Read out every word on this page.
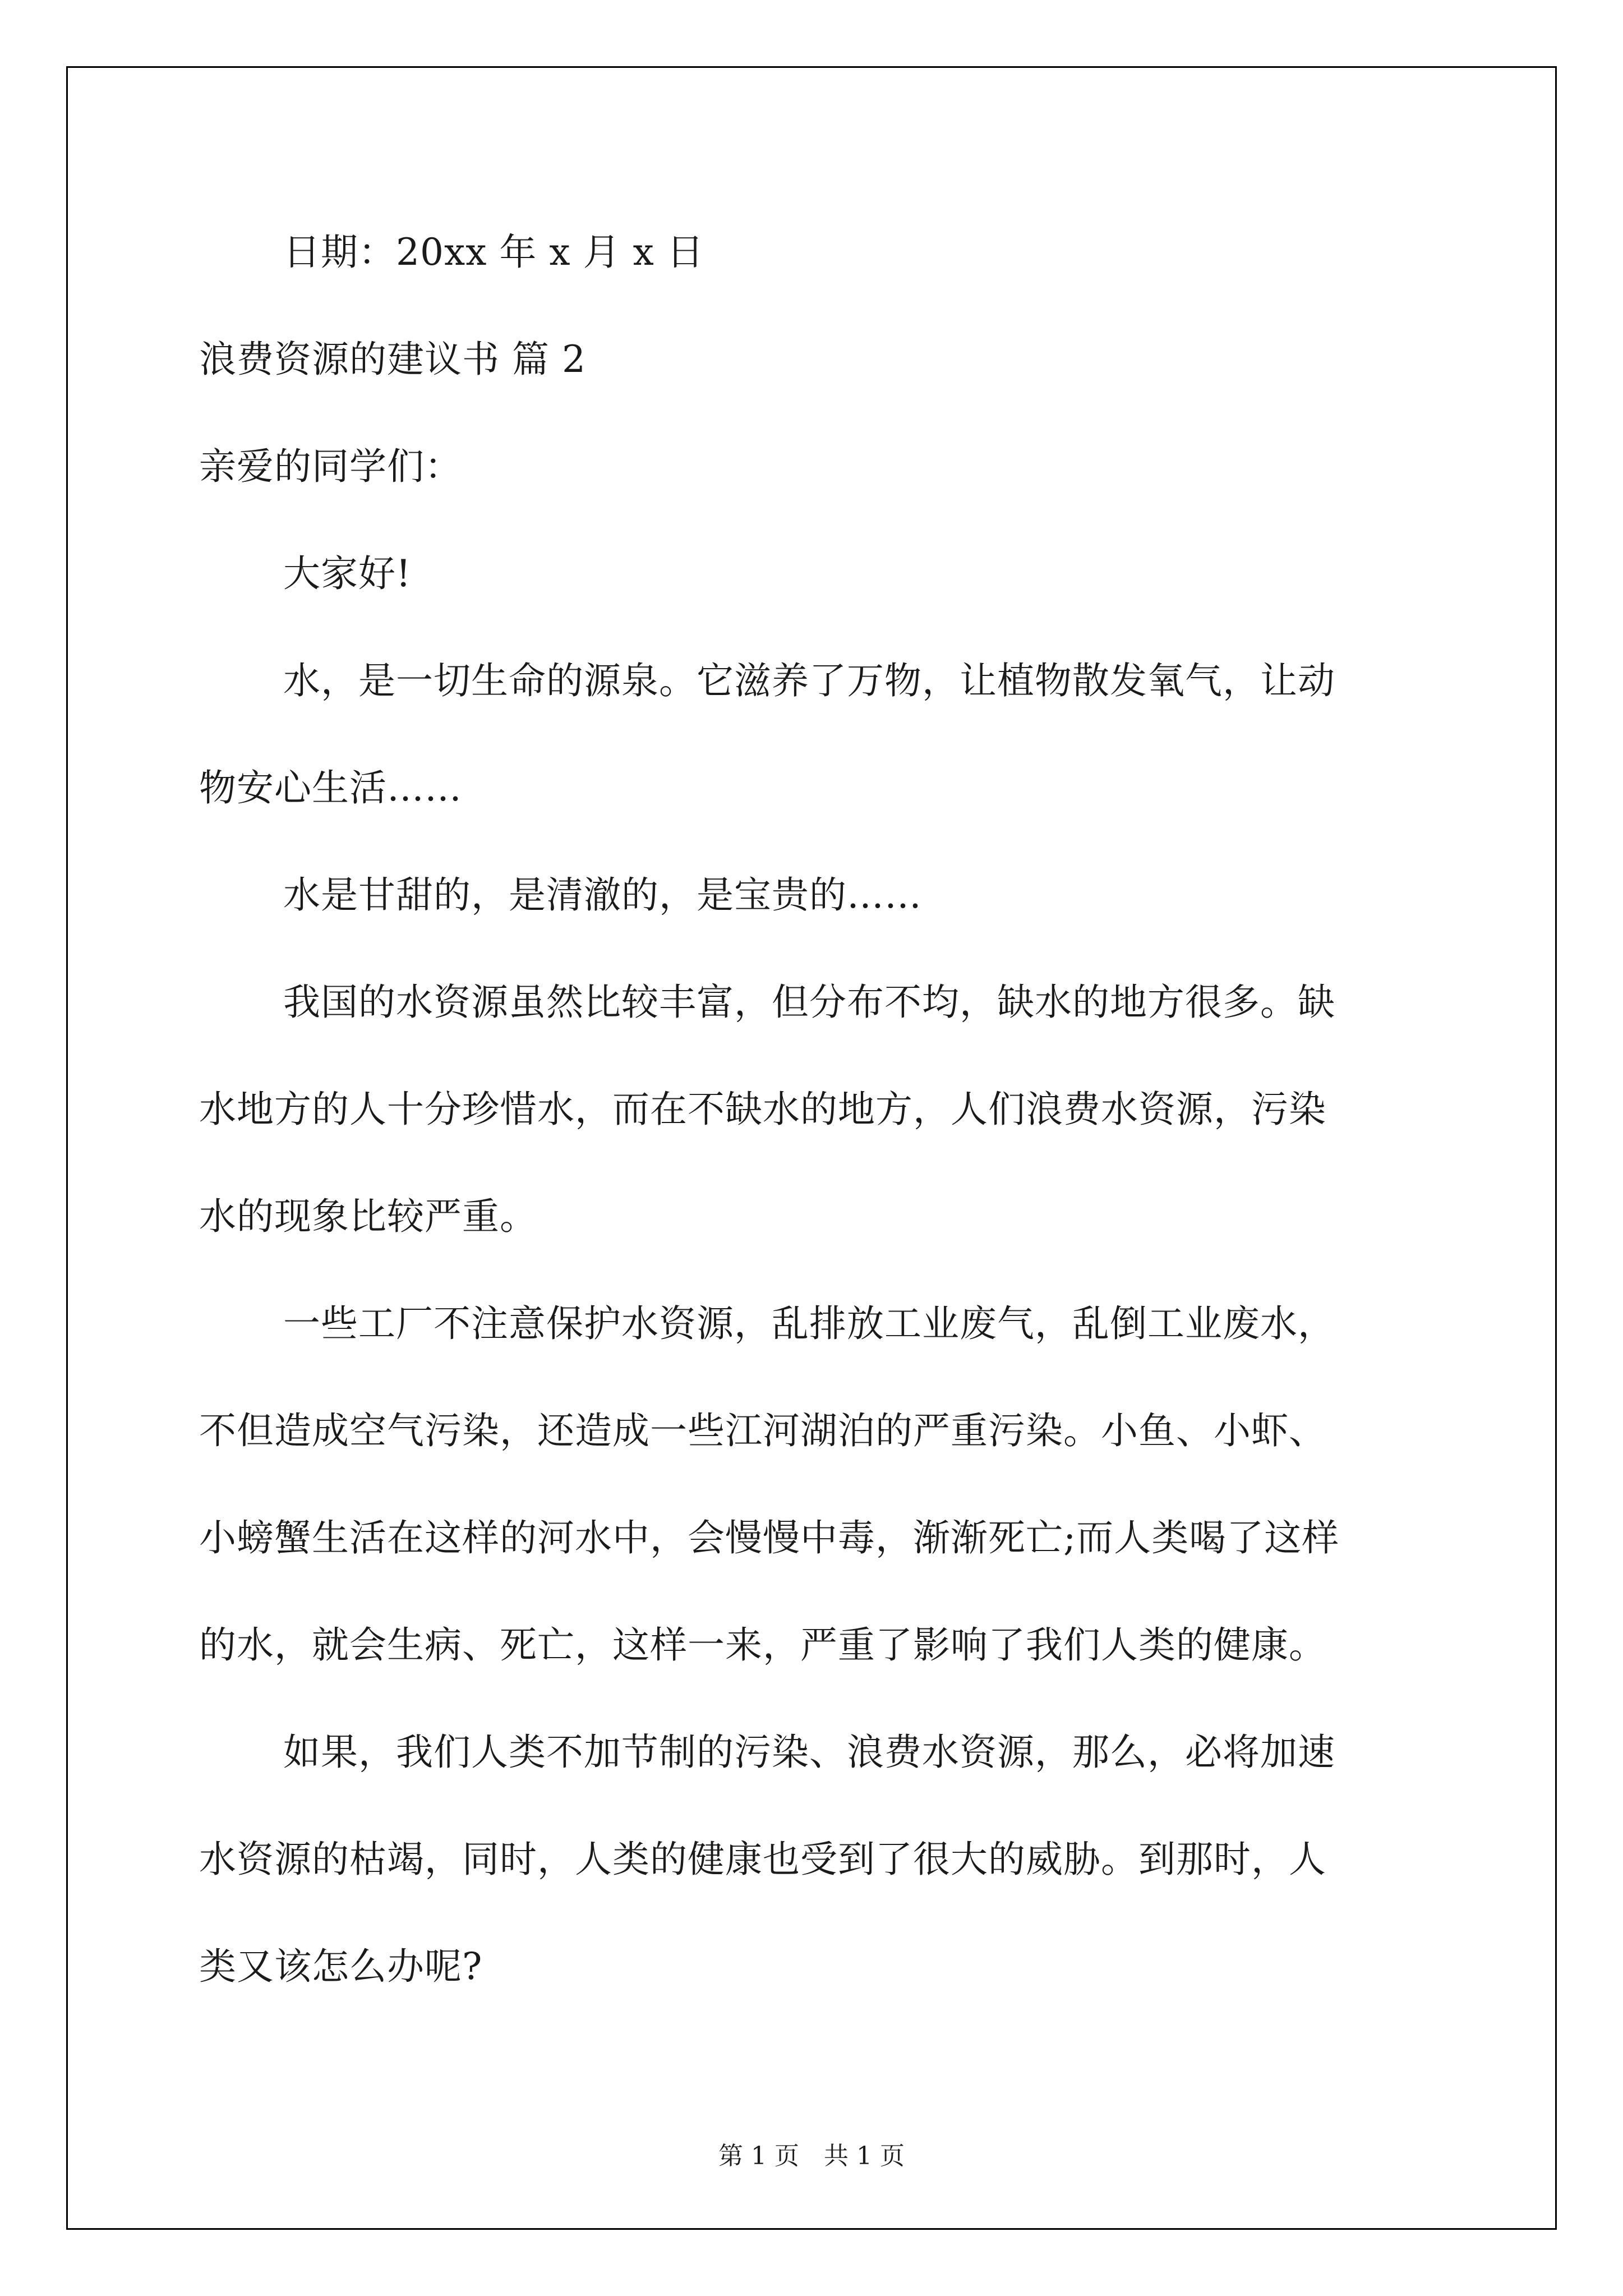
日期：20xx 年 x 月 x 日
浪费资源的建议书 篇 2
亲爱的同学们：
大家好!
水，是一切生命的源泉。它滋养了万物，让植物散发氧气，让动
物安心生活……
水是甘甜的，是清澈的，是宝贵的……
我国的水资源虽然比较丰富，但分布不均，缺水的地方很多。缺
水地方的人十分珍惜水，而在不缺水的地方，人们浪费水资源，污染
水的现象比较严重。
一些工厂不注意保护水资源，乱排放工业废气，乱倒工业废水，
不但造成空气污染，还造成一些江河湖泊的严重污染。小鱼、小虾、
小螃蟹生活在这样的河水中，会慢慢中毒，渐渐死亡;而人类喝了这样
的水，就会生病、死亡，这样一来，严重了影响了我们人类的健康。
如果，我们人类不加节制的污染、浪费水资源，那么，必将加速
水资源的枯竭，同时，人类的健康也受到了很大的威胁。到那时，人
类又该怎么办呢?
第 1 页　共 1 页
